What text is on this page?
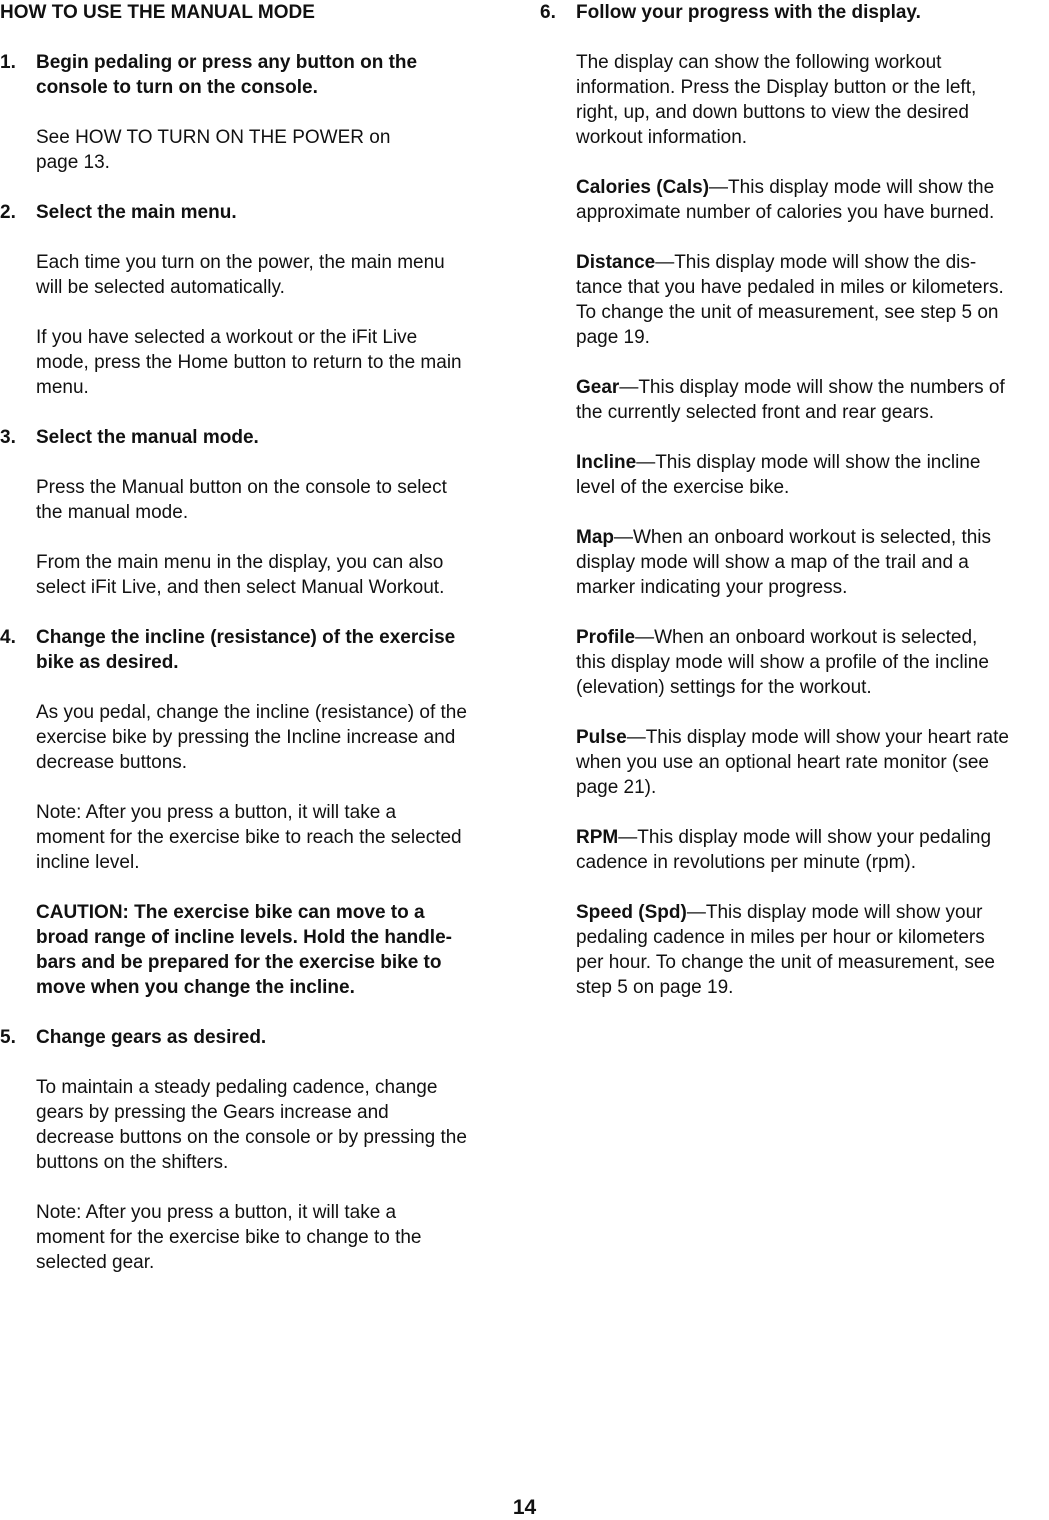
HOW TO USE THE MANUAL MODE

1. Begin pedaling or press any button on the
console to turn on the console.

See HOW TO TURN ON THE POWER on
page 13.

2. Select the main menu.

Each time you turn on the power, the main menu
will be selected automatically.

If you have selected a workout or the iFit Live
mode, press the Home button to return to the main
menu.

3. Select the manual mode.

Press the Manual button on the console to select
the manual mode.

From the main menu in the display, you can also
select iFit Live, and then select Manual Workout.

4. Change the incline (resistance) of the exercise
bike as desired.

As you pedal, change the incline (resistance) of the
exercise bike by pressing the Incline increase and
decrease buttons.

Note: After you press a button, it will take a
moment for the exercise bike to reach the selected
incline level.

CAUTION: The exercise bike can move to a
broad range of incline levels. Hold the handle-
bars and be prepared for the exercise bike to
move when you change the incline.

5. Change gears as desired.

To maintain a steady pedaling cadence, change
gears by pressing the Gears increase and
decrease buttons on the console or by pressing the
buttons on the shifters.

Note: After you press a button, it will take a
moment for the exercise bike to change to the
selected gear.

6. Follow your progress with the display.

The display can show the following workout
information. Press the Display button or the left,
right, up, and down buttons to view the desired
workout information.

Calories (Cals)—This display mode will show the
approximate number of calories you have burned.

Distance—This display mode will show the dis-
tance that you have pedaled in miles or kilometers.
To change the unit of measurement, see step 5 on
page 19.

Gear—This display mode will show the numbers of
the currently selected front and rear gears.

Incline—This display mode will show the incline
level of the exercise bike.

Map—When an onboard workout is selected, this
display mode will show a map of the trail and a
marker indicating your progress.

Profile—When an onboard workout is selected,
this display mode will show a profile of the incline
(elevation) settings for the workout.

Pulse—This display mode will show your heart rate
when you use an optional heart rate monitor (see
page 21).

RPM—This display mode will show your pedaling
cadence in revolutions per minute (rpm).

Speed (Spd)—This display mode will show your
pedaling cadence in miles per hour or kilometers
per hour. To change the unit of measurement, see
step 5 on page 19.

14
